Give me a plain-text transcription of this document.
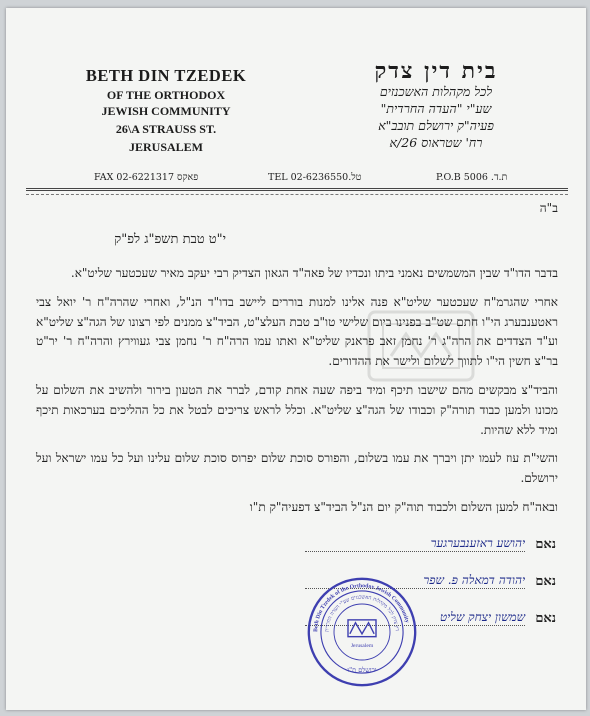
BETH DIN TZEDEK
OF THE ORTHODOX
JEWISH COMMUNITY
26\A STRAUSS ST.
JERUSALEM
בית דין צדק
לכל מקהלות האשכנזים
שע"י "העדה החרדית"
פעיה"ק ירושלם תובב"א
רח' שטראוס 26/א
FAX 02-6221317 פאקס	TEL 02-6236550.טל	P.O.B 5006 .ת.ד
ב"ה
י"ט טבת תשפ"ג לפ"ק

בדבר הדו"ד שבין המשמשים נאמני ביתו ונכדיו של פאה"ד הגאון הצדיק רבי יעקב מאיר שעכטער שליט"א.

אחרי שהגרמ"ח שעכטער שליט"א פנה אלינו למנות בוררים ליישב בדו"ד הנ"ל, ואחרי שהרה"ח ר' יואל צבי ראטענבערג הי"ו חתם שט"ב בפנינו ביום שלישי טו"ב טבת העלצ"ט, הביד"צ ממנים לפי רצונו של הגה"צ שליט"א וע"ד הצדדים את הרה"ג ר' נחמן זאב פראנק שליט"א ואתו עמו הרה"ח ר' נחמן צבי געווירץ והרה"ח ר' יר"ט בר"צ חשין הי"ו לתווך לשלום ולישר את ההדורים.

והביד"צ מבקשים מהם שישבו תיכף ומיד ביפה שעה אחת קודם, לברר את הטעון בירור ולהשיב את השלום על מכונו ולמען כבוד תורה"ק וכבודו של הגה"צ שליט"א. וכלל לראש צריכים לבטל את כל ההליכים בערכאות תיכף ומיד ללא שהיות.

והשי"ת עוז לעמו יתן ויברך את עמו בשלום, והפורס סוכת שלום יפרוס סוכת שלום עלינו ועל כל עמו ישראל ועל ירושלם.

ובאה"ח למען השלום ולכבוד תוה"ק יום הנ"ל הביד"צ דפעיה"ק ת"ו

נאם יהושע ראזענבערגער
נאם יהודה דמאלה פ. שפר
נאם שמשון יצחק שליט
Beth Din Tzedek of the Orthodox Jewish Community
דין צדק לכל מקהלות האשכנזים שע"י העדה החרדית
Jerusalem
ירושלם ת"ו
